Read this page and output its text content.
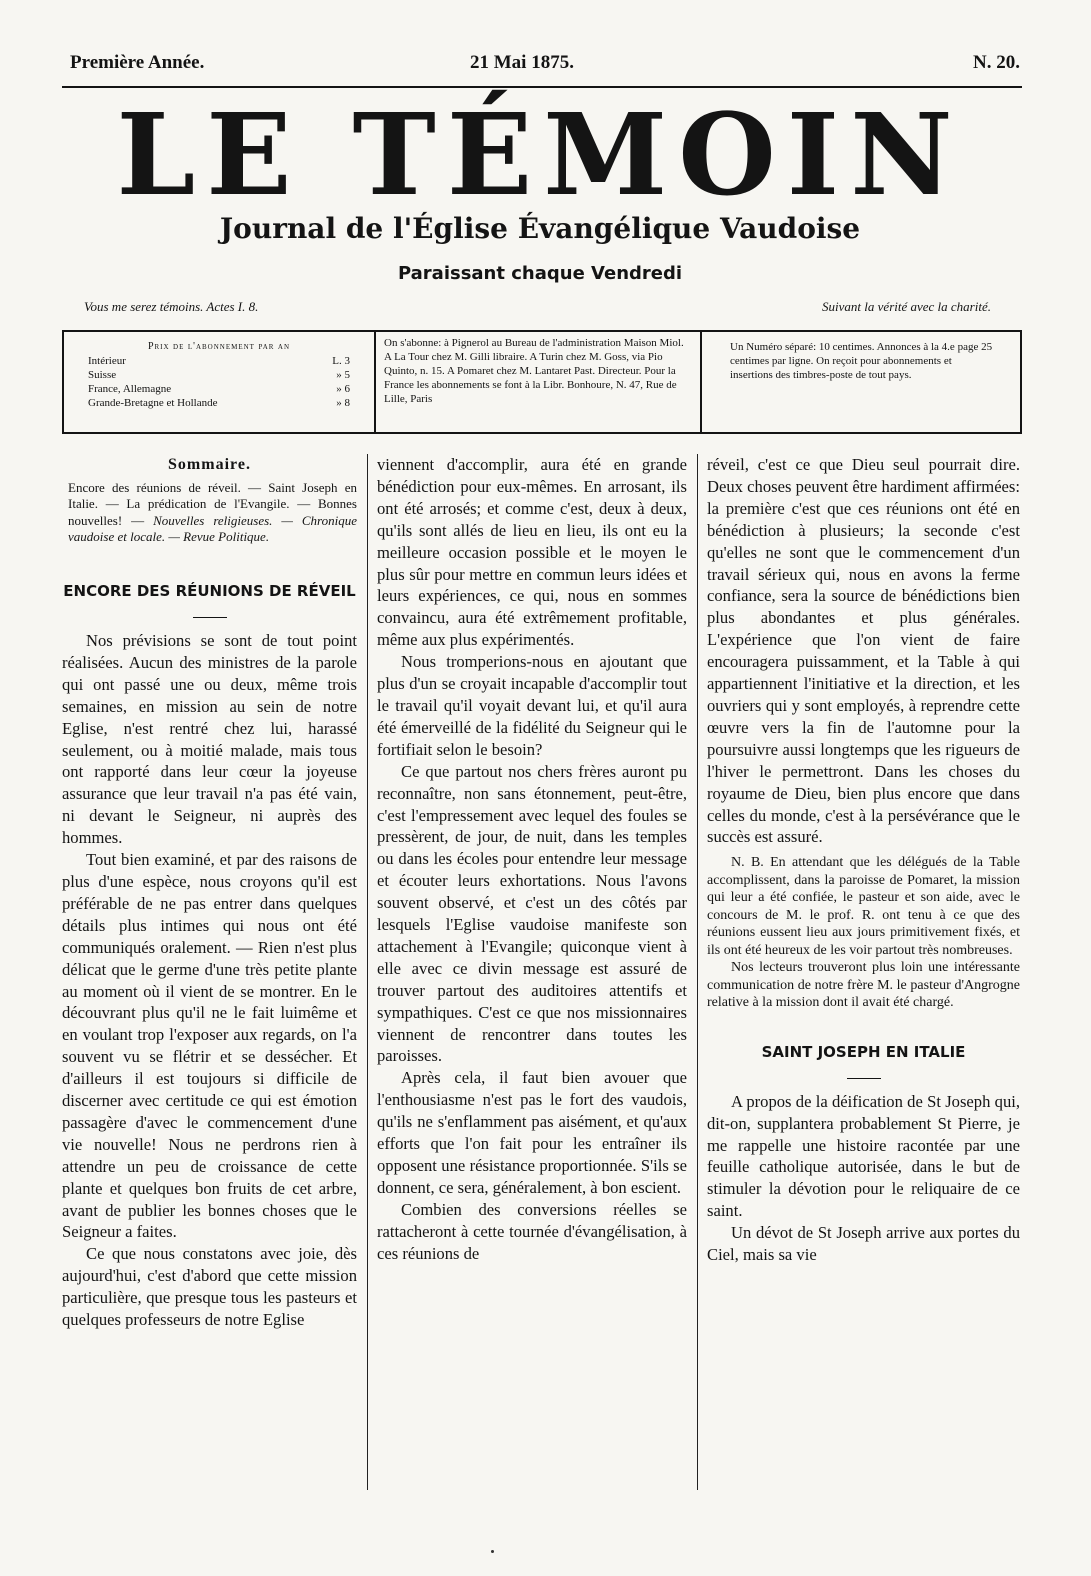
Première Année.	21 Mai 1875.	N. 20.
LE TÉMOIN
Journal de l'Église Évangélique Vaudoise
Paraissant chaque Vendredi
Vous me serez témoins. Actes I. 8.	Suivant la vérité avec la charité.
Prix de l'abonnement par an
Intérieur	L. 3
Suisse	» 5
France, Allemagne	» 6
Grande-Bretagne et Hollande	» 8
On s'abonne: à Pignerol au Bureau de l'administration Maison Miol. A La Tour chez M. Gilli libraire. A Turin chez M. Goss, via Pio Quinto, n. 15. A Pomaret chez M. Lantaret Past. Directeur. Pour la France les abonnements se font à la Libr. Bonhoure, N. 47, Rue de Lille, Paris
Un Numéro séparé: 10 centimes. Annonces à la 4.e page 25 centimes par ligne. On reçoit pour abonnements et insertions des timbres-poste de tout pays.
Sommaire.
Encore des réunions de réveil. — Saint Joseph en Italie. — La prédication de l'Evangile. — Bonnes nouvelles! — Nouvelles religieuses. — Chronique vaudoise et locale. — Revue Politique.
ENCORE DES RÉUNIONS DE RÉVEIL

Nos prévisions se sont de tout point réalisées. Aucun des ministres de la parole qui ont passé une ou deux, même trois semaines, en mission au sein de notre Eglise, n'est rentré chez lui, harassé seulement, ou à moitié malade, mais tous ont rapporté dans leur cœur la joyeuse assurance que leur travail n'a pas été vain, ni devant le Seigneur, ni auprès des hommes.

Tout bien examiné, et par des raisons de plus d'une espèce, nous croyons qu'il est préférable de ne pas entrer dans quelques détails plus intimes qui nous ont été communiqués oralement. — Rien n'est plus délicat que le germe d'une très petite plante au moment où il vient de se montrer. En le découvrant plus qu'il ne le fait luimême et en voulant trop l'exposer aux regards, on l'a souvent vu se flétrir et se dessécher. Et d'ailleurs il est toujours si difficile de discerner avec certitude ce qui est émotion passagère d'avec le commencement d'une vie nouvelle! Nous ne perdrons rien à attendre un peu de croissance de cette plante et quelques bon fruits de cet arbre, avant de publier les bonnes choses que le Seigneur a faites.

Ce que nous constatons avec joie, dès aujourd'hui, c'est d'abord que cette mission particulière, que presque tous les pasteurs et quelques professeurs de notre Eglise

viennent d'accomplir, aura été en grande bénédiction pour eux-mêmes. En arrosant, ils ont été arrosés; et comme c'est, deux à deux, qu'ils sont allés de lieu en lieu, ils ont eu la meilleure occasion possible et le moyen le plus sûr pour mettre en commun leurs idées et leurs expériences, ce qui, nous en sommes convaincu, aura été extrêmement profitable, même aux plus expérimentés.

Nous tromperions-nous en ajoutant que plus d'un se croyait incapable d'accomplir tout le travail qu'il voyait devant lui, et qu'il aura été émerveillé de la fidélité du Seigneur qui le fortifiait selon le besoin?

Ce que partout nos chers frères auront pu reconnaître, non sans étonnement, peut-être, c'est l'empressement avec lequel des foules se pressèrent, de jour, de nuit, dans les temples ou dans les écoles pour entendre leur message et écouter leurs exhortations. Nous l'avons souvent observé, et c'est un des côtés par lesquels l'Eglise vaudoise manifeste son attachement à l'Evangile; quiconque vient à elle avec ce divin message est assuré de trouver partout des auditoires attentifs et sympathiques. C'est ce que nos missionnaires viennent de rencontrer dans toutes les paroisses.

Après cela, il faut bien avouer que l'enthousiasme n'est pas le fort des vaudois, qu'ils ne s'enflamment pas aisément, et qu'aux efforts que l'on fait pour les entraîner ils opposent une résistance proportionnée. S'ils se donnent, ce sera, généralement, à bon escient.

Combien des conversions réelles se rattacheront à cette tournée d'évangélisation, à ces réunions de

réveil, c'est ce que Dieu seul pourrait dire. Deux choses peuvent être hardiment affirmées: la première c'est que ces réunions ont été en bénédiction à plusieurs; la seconde c'est qu'elles ne sont que le commencement d'un travail sérieux qui, nous en avons la ferme confiance, sera la source de bénédictions bien plus abondantes et plus générales. L'expérience que l'on vient de faire encouragera puissamment, et la Table à qui appartiennent l'initiative et la direction, et les ouvriers qui y sont employés, à reprendre cette œuvre vers la fin de l'automne pour la poursuivre aussi longtemps que les rigueurs de l'hiver le permettront. Dans les choses du royaume de Dieu, bien plus encore que dans celles du monde, c'est à la persévérance que le succès est assuré.

N. B. En attendant que les délégués de la Table accomplissent, dans la paroisse de Pomaret, la mission qui leur a été confiée, le pasteur et son aide, avec le concours de M. le prof. R. ont tenu à ce que des réunions eussent lieu aux jours primitivement fixés, et ils ont été heureux de les voir partout très nombreuses.

Nos lecteurs trouveront plus loin une intéressante communication de notre frère M. le pasteur d'Angrogne relative à la mission dont il avait été chargé.

SAINT JOSEPH EN ITALIE

A propos de la déification de St Joseph qui, dit-on, supplantera probablement St Pierre, je me rappelle une histoire racontée par une feuille catholique autorisée, dans le but de stimuler la dévotion pour le reliquaire de ce saint.

Un dévot de St Joseph arrive aux portes du Ciel, mais sa vie
